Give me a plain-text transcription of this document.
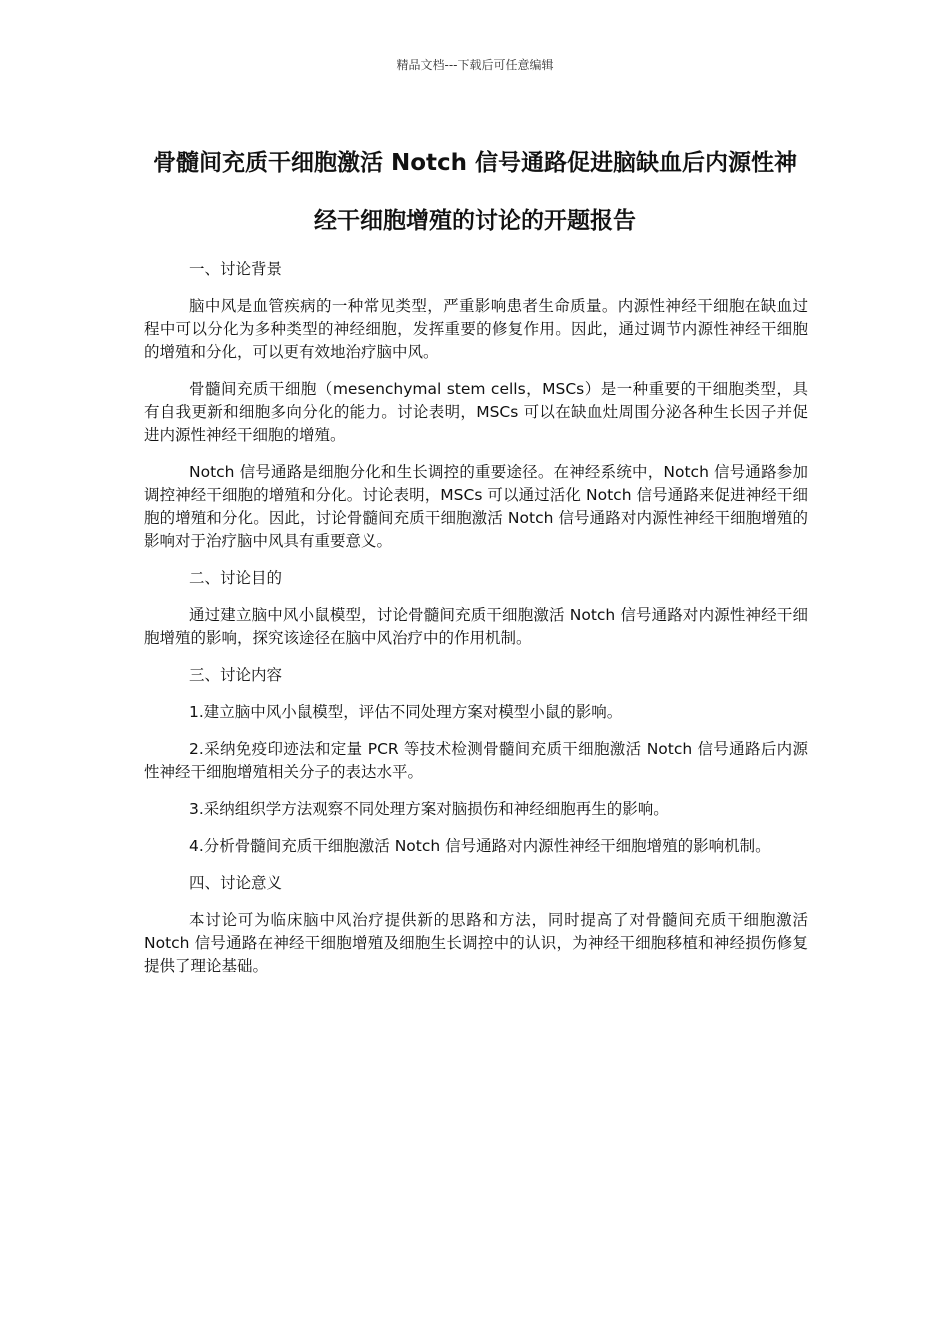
精品文档---下载后可任意编辑
骨髓间充质干细胞激活 Notch 信号通路促进脑缺血后内源性神经干细胞增殖的讨论的开题报告

一、讨论背景

脑中风是血管疾病的一种常见类型，严重影响患者生命质量。内源性神经干细胞在缺血过程中可以分化为多种类型的神经细胞，发挥重要的修复作用。因此，通过调节内源性神经干细胞的增殖和分化，可以更有效地治疗脑中风。

骨髓间充质干细胞（mesenchymal stem cells，MSCs）是一种重要的干细胞类型，具有自我更新和细胞多向分化的能力。讨论表明，MSCs 可以在缺血灶周围分泌各种生长因子并促进内源性神经干细胞的增殖。

Notch 信号通路是细胞分化和生长调控的重要途径。在神经系统中，Notch 信号通路参加调控神经干细胞的增殖和分化。讨论表明，MSCs 可以通过活化 Notch 信号通路来促进神经干细胞的增殖和分化。因此，讨论骨髓间充质干细胞激活 Notch 信号通路对内源性神经干细胞增殖的影响对于治疗脑中风具有重要意义。

二、讨论目的

通过建立脑中风小鼠模型，讨论骨髓间充质干细胞激活 Notch 信号通路对内源性神经干细胞增殖的影响，探究该途径在脑中风治疗中的作用机制。

三、讨论内容

1.建立脑中风小鼠模型，评估不同处理方案对模型小鼠的影响。

2.采纳免疫印迹法和定量 PCR 等技术检测骨髓间充质干细胞激活 Notch 信号通路后内源性神经干细胞增殖相关分子的表达水平。

3.采纳组织学方法观察不同处理方案对脑损伤和神经细胞再生的影响。

4.分析骨髓间充质干细胞激活 Notch 信号通路对内源性神经干细胞增殖的影响机制。

四、讨论意义

本讨论可为临床脑中风治疗提供新的思路和方法，同时提高了对骨髓间充质干细胞激活 Notch 信号通路在神经干细胞增殖及细胞生长调控中的认识，为神经干细胞移植和神经损伤修复提供了理论基础。
